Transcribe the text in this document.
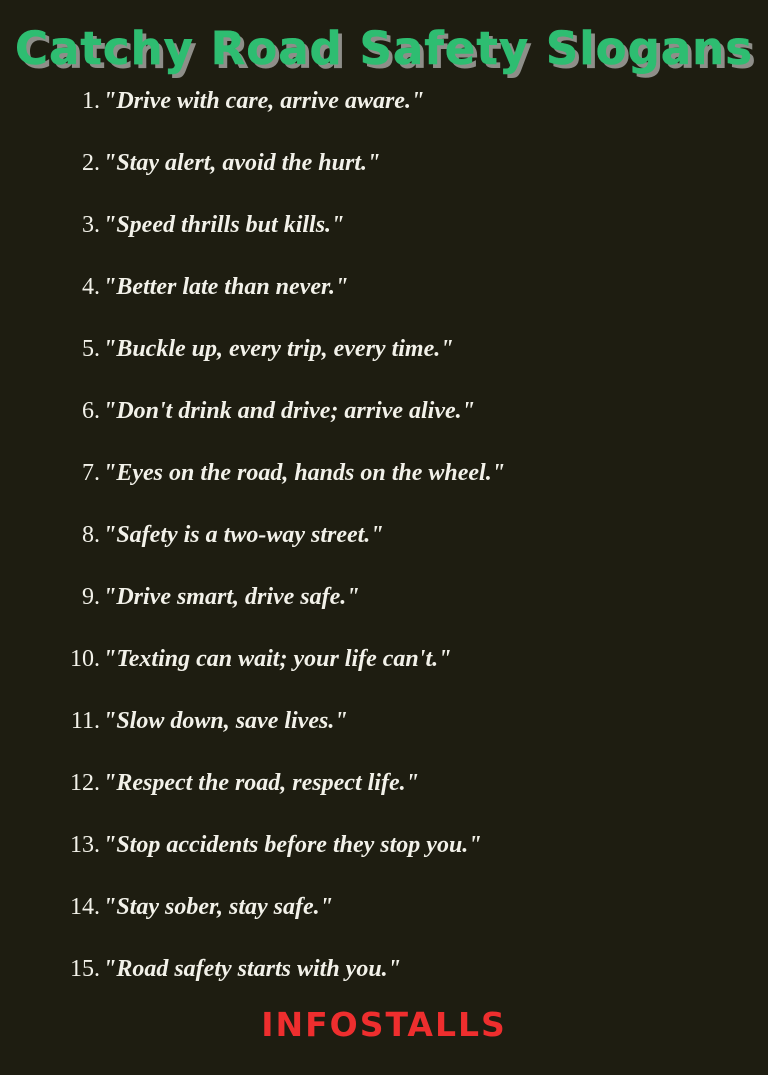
Catchy Road Safety Slogans
1. "Drive with care, arrive aware."
2. "Stay alert, avoid the hurt."
3. "Speed thrills but kills."
4. "Better late than never."
5. "Buckle up, every trip, every time."
6. "Don't drink and drive; arrive alive."
7. "Eyes on the road, hands on the wheel."
8. "Safety is a two-way street."
9. "Drive smart, drive safe."
10. "Texting can wait; your life can't."
11. "Slow down, save lives."
12. "Respect the road, respect life."
13. "Stop accidents before they stop you."
14. "Stay sober, stay safe."
15. "Road safety starts with you."
INFOSTALLS
